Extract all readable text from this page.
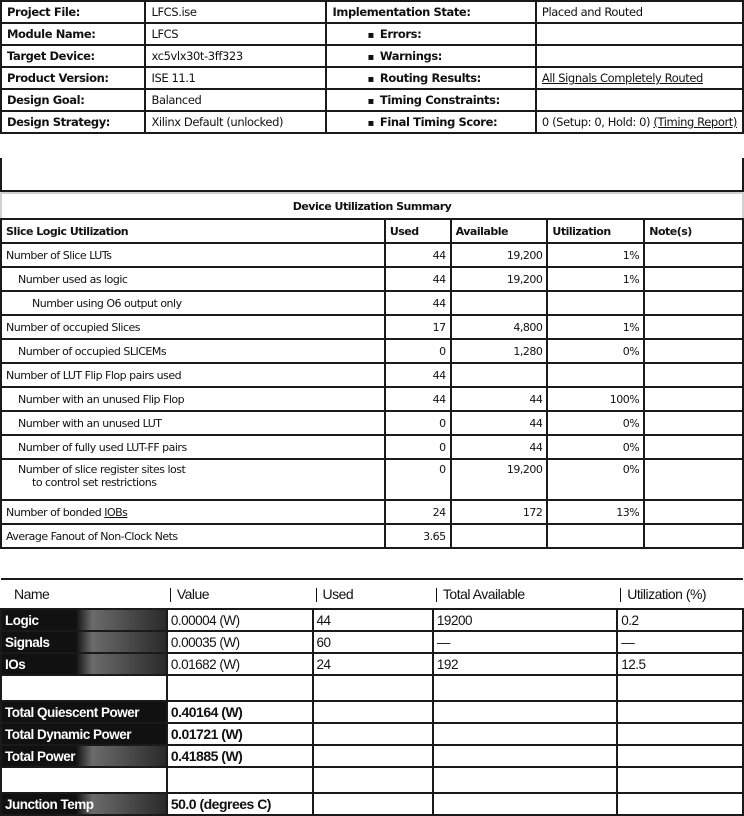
Project File:	LFCS.ise	Implementation State:	Placed and Routed
Module Name:	LFCS	▪ Errors:	
Target Device:	xc5vlx30t-3ff323	▪ Warnings:	
Product Version:	ISE 11.1	▪ Routing Results:	All Signals Completely Routed
Design Goal:	Balanced	▪ Timing Constraints:	
Design Strategy:	Xilinx Default (unlocked)	▪ Final Timing Score:	0 (Setup: 0, Hold: 0) (Timing Report)
Device Utilization Summary				
Slice Logic Utilization	Used	Available	Utilization	Note(s)
Number of Slice LUTs	44	19,200	1%	
Number used as logic	44	19,200	1%	
Number using O6 output only	44			
Number of occupied Slices	17	4,800	1%	
Number of occupied SLICEMs	0	1,280	0%	
Number of LUT Flip Flop pairs used	44			
Number with an unused Flip Flop	44	44	100%	
Number with an unused LUT	0	44	0%	
Number of fully used LUT-FF pairs	0	44	0%	
Number of slice register sites lost
to control set restrictions	0	19,200	0%	
Number of bonded IOBs	24	172	13%	
Average Fanout of Non-Clock Nets	3.65			
Name	Value	Used	Total Available	Utilization (%)
Logic	0.00004 (W)	44	19200	0.2
Signals	0.00035 (W)	60	—	—
IOs	0.01682 (W)	24	192	12.5

Total Quiescent Power	0.40164 (W)			
Total Dynamic Power	0.01721 (W)			
Total Power	0.41885 (W)			

Junction Temp	50.0 (degrees C)			
